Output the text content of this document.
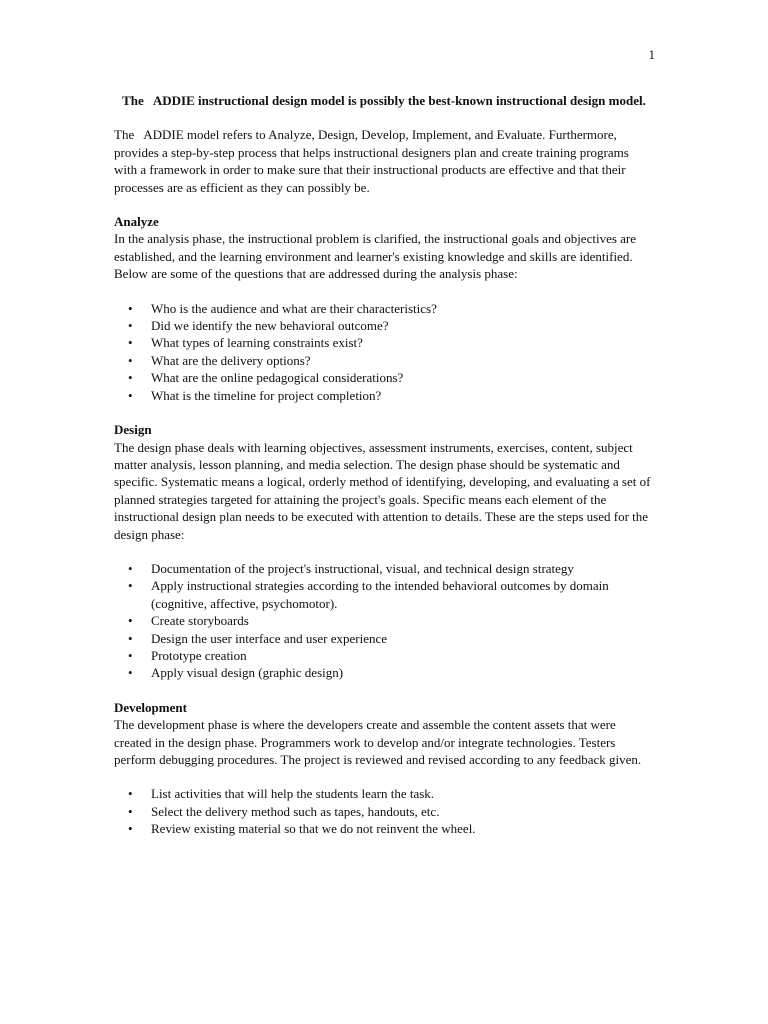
1

The   ADDIE instructional design model is possibly the best-known instructional design model.

The   ADDIE model refers to Analyze, Design, Develop, Implement, and Evaluate. Furthermore, provides a step-by-step process that helps instructional designers plan and create training programs with a framework in order to make sure that their instructional products are effective and that their processes are as efficient as they can possibly be.

Analyze

In the analysis phase, the instructional problem is clarified, the instructional goals and objectives are established, and the learning environment and learner's existing knowledge and skills are identified. Below are some of the questions that are addressed during the analysis phase:

• Who is the audience and what are their characteristics?
• Did we identify the new behavioral outcome?
• What types of learning constraints exist?
• What are the delivery options?
• What are the online pedagogical considerations?
• What is the timeline for project completion?

Design

The design phase deals with learning objectives, assessment instruments, exercises, content, subject matter analysis, lesson planning, and media selection. The design phase should be systematic and specific. Systematic means a logical, orderly method of identifying, developing, and evaluating a set of planned strategies targeted for attaining the project's goals. Specific means each element of the instructional design plan needs to be executed with attention to details. These are the steps used for the design phase:

• Documentation of the project's instructional, visual, and technical design strategy
• Apply instructional strategies according to the intended behavioral outcomes by domain (cognitive, affective, psychomotor).
• Create storyboards
• Design the user interface and user experience
• Prototype creation
• Apply visual design (graphic design)

Development

The development phase is where the developers create and assemble the content assets that were created in the design phase. Programmers work to develop and/or integrate technologies. Testers perform debugging procedures. The project is reviewed and revised according to any feedback given.

• List activities that will help the students learn the task.
• Select the delivery method such as tapes, handouts, etc.
• Review existing material so that we do not reinvent the wheel.
